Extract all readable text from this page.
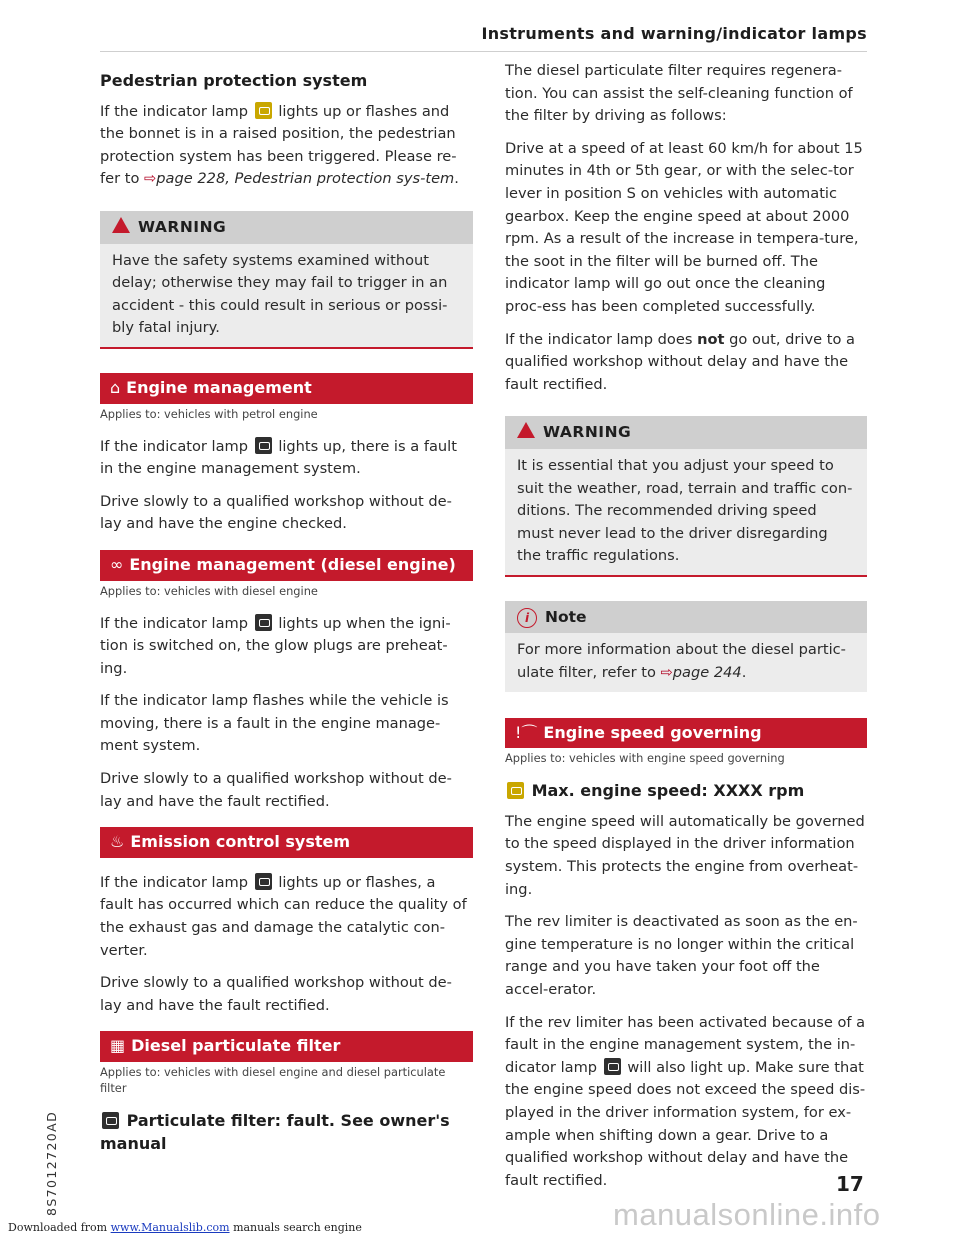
Instruments and warning/indicator lamps
Pedestrian protection system

If the indicator lamp lights up or flashes and the bonnet is in a raised position, the pedestrian protection system has been triggered. Please re-fer to ⇨page 228, Pedestrian protection sys-tem.

WARNING
Have the safety systems examined without delay; otherwise they may fail to trigger in an accident - this could result in serious or possi-bly fatal injury.
⌂ Engine management
Applies to: vehicles with petrol engine

If the indicator lamp lights up, there is a fault in the engine management system.

Drive slowly to a qualified workshop without de-lay and have the engine checked.

∞ Engine management (diesel engine)
Applies to: vehicles with diesel engine

If the indicator lamp lights up when the igni-tion is switched on, the glow plugs are preheat-ing.

If the indicator lamp flashes while the vehicle is moving, there is a fault in the engine manage-ment system.

Drive slowly to a qualified workshop without de-lay and have the fault rectified.

♨ Emission control system

If the indicator lamp lights up or flashes, a fault has occurred which can reduce the quality of the exhaust gas and damage the catalytic con-verter.

Drive slowly to a qualified workshop without de-lay and have the fault rectified.

▦ Diesel particulate filter
Applies to: vehicles with diesel engine and diesel particulate filter
Particulate filter: fault. See owner's manual

The diesel particulate filter requires regenera-tion. You can assist the self-cleaning function of the filter by driving as follows:

Drive at a speed of at least 60 km/h for about 15 minutes in 4th or 5th gear, or with the selec-tor lever in position S on vehicles with automatic gearbox. Keep the engine speed at about 2000 rpm. As a result of the increase in tempera-ture, the soot in the filter will be burned off. The indicator lamp will go out once the cleaning proc-ess has been completed successfully.

If the indicator lamp does not go out, drive to a qualified workshop without delay and have the fault rectified.

WARNING
It is essential that you adjust your speed to suit the weather, road, terrain and traffic con-ditions. The recommended driving speed must never lead to the driver disregarding the traffic regulations.
i Note
For more information about the diesel partic-ulate filter, refer to ⇨page 244.
!⌒ Engine speed governing
Applies to: vehicles with engine speed governing
Max. engine speed: XXXX rpm

The engine speed will automatically be governed to the speed displayed in the driver information system. This protects the engine from overheat-ing.

The rev limiter is deactivated as soon as the en-gine temperature is no longer within the critical range and you have taken your foot off the accel-erator.

If the rev limiter has been activated because of a fault in the engine management system, the in-dicator lamp will also light up. Make sure that the engine speed does not exceed the speed dis-played in the driver information system, for ex-ample when shifting down a gear. Drive to a qualified workshop without delay and have the fault rectified.

8S7012720AD	17
manualsonline.info
Downloaded from www.Manualslib.com manuals search engine
